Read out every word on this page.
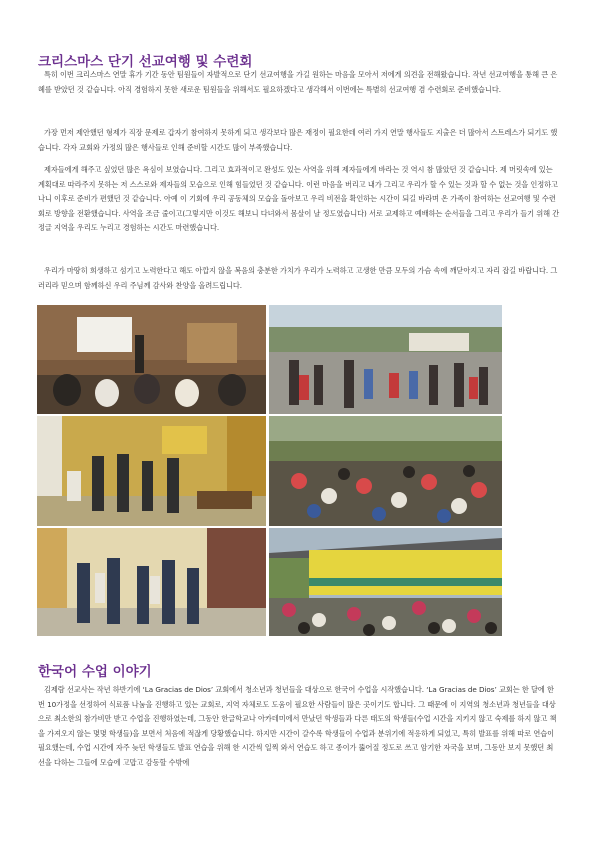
크리스마스 단기 선교여행 및 수련회

특히 이번 크리스마스 연말 휴가 기간 동안 팀원들이 자발적으로 단기 선교여행을 가길 원하는 마음을 모아서 저에게 의견을 전해왔습니다. 작년 선교여행을 통해 큰 은혜를 받았던 것 같습니다. 아직 경험하지 못한 새로운 팀원들을 위해서도 필요하겠다고 생각해서 이번에는 특별히 선교여행 겸 수련회로 준비했습니다.

가장 먼저 제안했던 형제가 직장 문제로 갑자기 참여하지 못하게 되고 생각보다 많은 재정이 필요한데 여러 가지 연말 행사들도 지출은 더 많아서 스트레스가 되기도 했습니다. 각자 교회와 가정의 많은 행사들로 인해 준비할 시간도 많이 부족했습니다.

제자들에게 해주고 싶었던 많은 욕심이 보였습니다. 그리고 효과적이고 완성도 있는 사역을 위해 제자들에게 바라는 것 역시 참 많았던 것 같습니다. 제 머릿속에 있는 계획대로 따라주지 못하는 저 스스로와 제자들의 모습으로 인해 힘들었던 것 같습니다. 이런 마음을 버리고 내가 그리고 우리가 할 수 있는 것과 할 수 없는 것을 인정하고 나니 이후로 준비가 편했던 것 같습니다. 아예 이 기회에 우리 공동체의 모습을 돌아보고 우리 비전을 확인하는 시간이 되길 바라며 온 가족이 참여하는 선교여행 및 수련회로 방향을 전환했습니다. 사역을 조금 줄이고(그렇지만 이것도 해보니 다녀와서 몸살이 날 정도였습니다) 서로 교제하고 예배하는 순서들을 그리고 우리가 들기 위해 간 정글 지역을 우리도 누리고 경험하는 시간도 마련했습니다.

우리가 마땅히 희생하고 섬기고 노력한다고 해도 아깝지 않을 복음의 충분한 가치가 우리가 노력하고 고생한 만큼 모두의 가슴 속에 깨닫아지고 자리 잡길 바랍니다. 그러리라 믿으며 함께하신 우리 주님께 감사와 찬양을 올려드립니다.

한국어 수업 이야기

김제람 선교사는 작년 하반기에 ‘La Gracias de Dios’ 교회에서 청소년과 청년들을 대상으로 한국어 수업을 시작했습니다. ‘La Gracias de Dios’ 교회는 한 달에 한 번 10가정을 선정하여 식료품 나눔을 진행하고 있는 교회로, 지역 자체로도 도움이 필요한 사람들이 많은 곳이기도 합니다. 그 때문에 이 지역의 청소년과 청년들을 대상으로 최소한의 참가비만 받고 수업을 진행하였는데, 그동안 한글학교나 아카데미에서 만났던 학생들과 다른 태도의 학생들(수업 시간을 지키지 않고 숙제를 하지 않고 책을 가져오지 않는 몇몇 학생들)을 보면서 처음에 적잖게 당황했습니다. 하지만 시간이 갈수록 학생들이 수업과 분위기에 적응하게 되었고, 특히 발표를 위해 따로 연습이 필요했는데, 수업 시간에 자주 늦던 학생들도 발표 연습을 위해 한 시간씩 일찍 와서 연습도 하고 종이가 뚫어질 정도로 쓰고 암기한 자국을 보며, 그동안 보지 못했던 최선을 다하는 그들에 모습에 고맙고 감동할 수밖에
